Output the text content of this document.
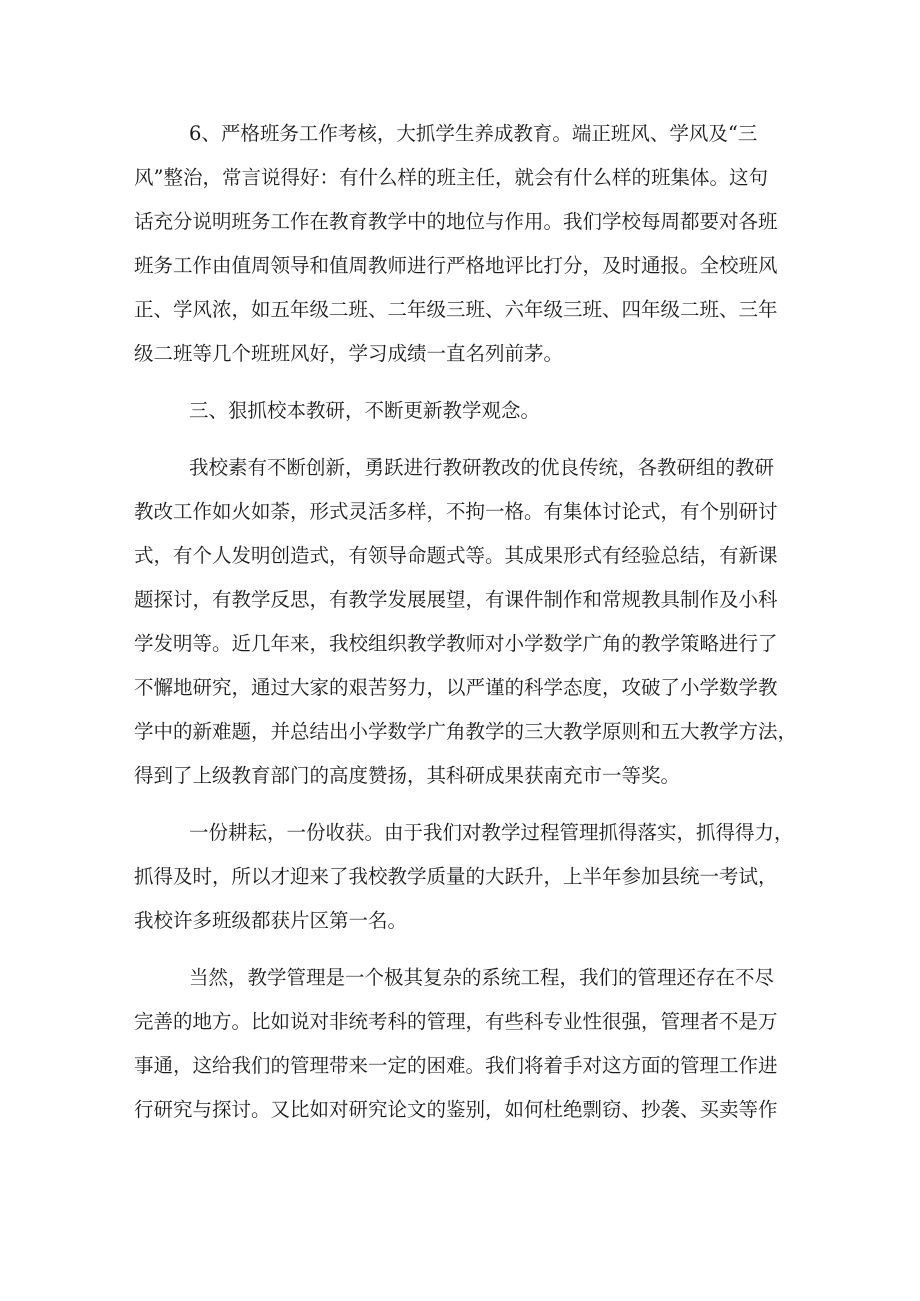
6、严格班务工作考核，大抓学生养成教育。端正班风、学风及“三
风”整治，常言说得好：有什么样的班主任，就会有什么样的班集体。这句
话充分说明班务工作在教育教学中的地位与作用。我们学校每周都要对各班
班务工作由值周领导和值周教师进行严格地评比打分，及时通报。全校班风
正、学风浓，如五年级二班、二年级三班、六年级三班、四年级二班、三年
级二班等几个班班风好，学习成绩一直名列前茅。
三、狠抓校本教研，不断更新教学观念。
我校素有不断创新，勇跃进行教研教改的优良传统，各教研组的教研
教改工作如火如荼，形式灵活多样，不拘一格。有集体讨论式，有个别研讨
式，有个人发明创造式，有领导命题式等。其成果形式有经验总结，有新课
题探讨，有教学反思，有教学发展展望，有课件制作和常规教具制作及小科
学发明等。近几年来，我校组织教学教师对小学数学广角的教学策略进行了
不懈地研究，通过大家的艰苦努力，以严谨的科学态度，攻破了小学数学教
学中的新难题，并总结出小学数学广角教学的三大教学原则和五大教学方法，
得到了上级教育部门的高度赞扬，其科研成果获南充市一等奖。
一份耕耘，一份收获。由于我们对教学过程管理抓得落实，抓得得力，
抓得及时，所以才迎来了我校教学质量的大跃升，上半年参加县统一考试，
我校许多班级都获片区第一名。
当然，教学管理是一个极其复杂的系统工程，我们的管理还存在不尽
完善的地方。比如说对非统考科的管理，有些科专业性很强，管理者不是万
事通，这给我们的管理带来一定的困难。我们将着手对这方面的管理工作进
行研究与探讨。又比如对研究论文的鉴别，如何杜绝剽窃、抄袭、买卖等作
